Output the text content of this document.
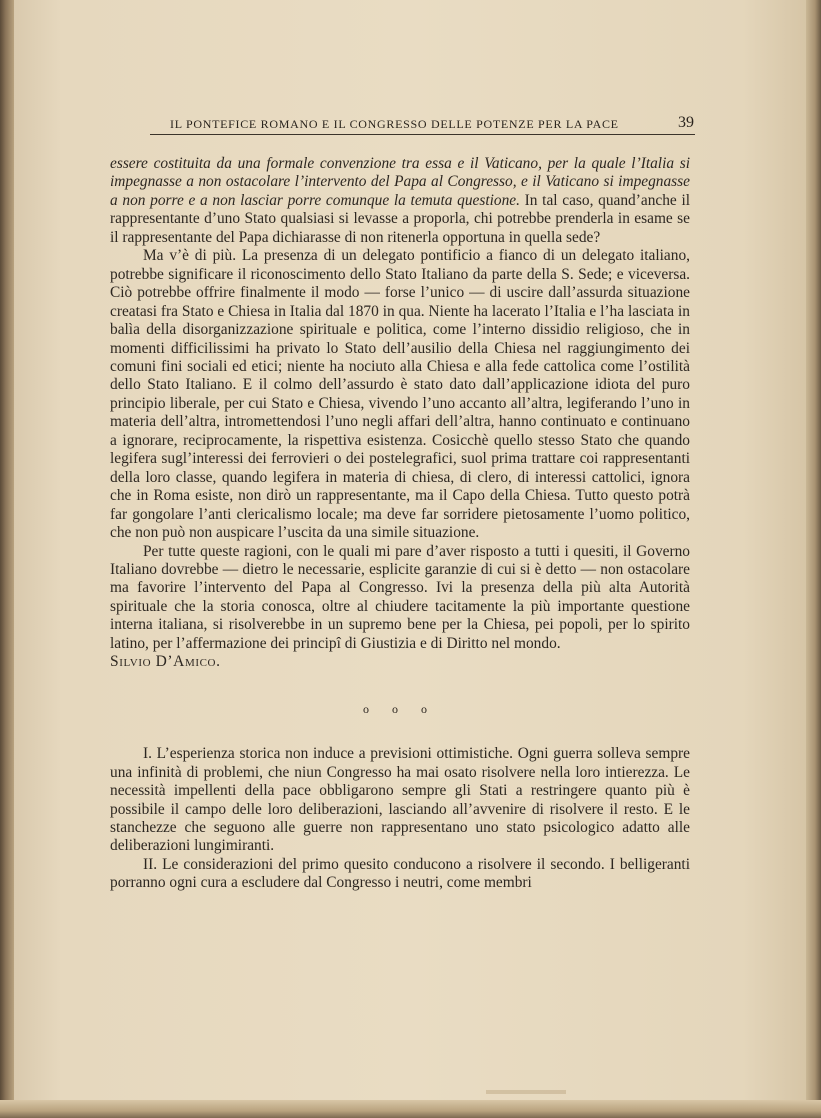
IL PONTEFICE ROMANO E IL CONGRESSO DELLE POTENZE PER LA PACE	39

essere costituita da una formale convenzione tra essa e il Vaticano, per la quale l’Italia si impegnasse a non ostacolare l’intervento del Papa al Congresso, e il Vaticano si impegnasse a non porre e a non lasciar porre comunque la temuta questione. In tal caso, quand’anche il rappresentante d’uno Stato qualsiasi si levasse a proporla, chi potrebbe prenderla in esame se il rappresentante del Papa dichiarasse di non ritenerla opportuna in quella sede?

Ma v’è di più. La presenza di un delegato pontificio a fianco di un delegato italiano, potrebbe significare il riconoscimento dello Stato Italiano da parte della S. Sede; e viceversa. Ciò potrebbe offrire finalmente il modo — forse l’unico — di uscire dall’assurda situazione creatasi fra Stato e Chiesa in Italia dal 1870 in qua. Niente ha lacerato l’Italia e l’ha lasciata in balìa della disorganizzazione spirituale e politica, come l’interno dissidio religioso, che in momenti difficilissimi ha privato lo Stato dell’ausilio della Chiesa nel raggiungimento dei comuni fini sociali ed etici; niente ha nociuto alla Chiesa e alla fede cattolica come l’ostilità dello Stato Italiano. E il colmo dell’assurdo è stato dato dall’applicazione idiota del puro principio liberale, per cui Stato e Chiesa, vivendo l’uno accanto all’altra, legiferando l’uno in materia dell’altra, intromettendosi l’uno negli affari dell’altra, hanno continuato e continuano a ignorare, reciprocamente, la rispettiva esistenza. Cosicchè quello stesso Stato che quando legifera sugl’interessi dei ferrovieri o dei postelegrafici, suol prima trattare coi rappresentanti della loro classe, quando legifera in materia di chiesa, di clero, di interessi cattolici, ignora che in Roma esiste, non dirò un rappresentante, ma il Capo della Chiesa. Tutto questo potrà far gongolare l’anti clericalismo locale; ma deve far sorridere pietosamente l’uomo politico, che non può non auspicare l’uscita da una simile situazione.

Per tutte queste ragioni, con le quali mi pare d’aver risposto a tutti i quesiti, il Governo Italiano dovrebbe — dietro le necessarie, esplicite garanzie di cui si è detto — non ostacolare ma favorire l’intervento del Papa al Congresso. Ivi la presenza della più alta Autorità spirituale che la storia conosca, oltre al chiudere tacitamente la più importante questione interna italiana, si risolverebbe in un supremo bene per la Chiesa, pei popoli, per lo spirito latino, per l’affermazione dei principî di Giustizia e di Diritto nel mondo.

Silvio D’Amico.

o o o

I. L’esperienza storica non induce a previsioni ottimistiche. Ogni guerra solleva sempre una infinità di problemi, che niun Congresso ha mai osato risolvere nella loro intierezza. Le necessità impellenti della pace obbligarono sempre gli Stati a restringere quanto più è possibile il campo delle loro deliberazioni, lasciando all’avvenire di risolvere il resto. E le stanchezze che seguono alle guerre non rappresentano uno stato psicologico adatto alle deliberazioni lungimiranti.

II. Le considerazioni del primo quesito conducono a risolvere il secondo. I belligeranti porranno ogni cura a escludere dal Congresso i neutri, come membri
